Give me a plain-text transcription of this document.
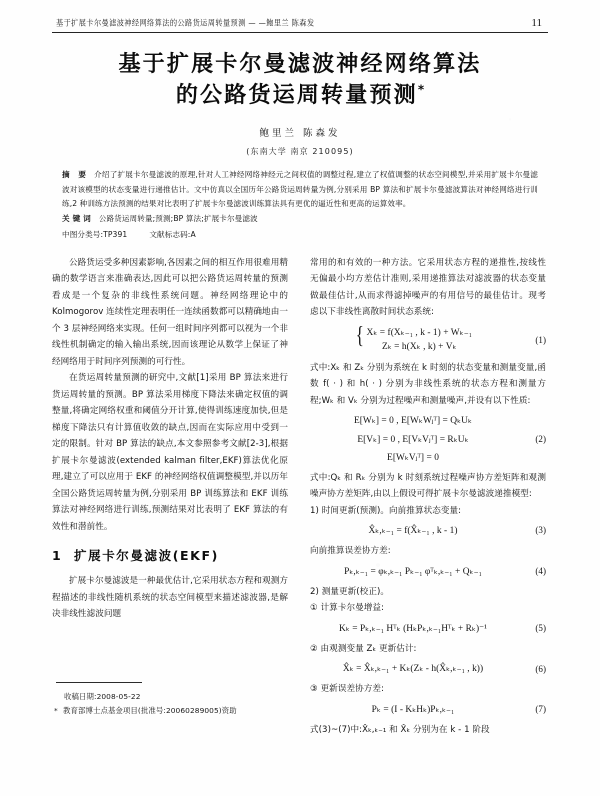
基于扩展卡尔曼滤波神经网络算法的公路货运周转量预测 — —鲍里兰 陈森发	11
基于扩展卡尔曼滤波神经网络算法
的公路货运周转量预测*
鲍里兰 陈森发
(东南大学 南京 210095)

摘 要 介绍了扩展卡尔曼滤波的原理,针对人工神经网络神经元之间权值的调整过程,建立了权值调整的状态空间模型,并采用扩展卡尔曼滤波对该模型的状态变量进行递推估计。文中仿真以全国历年公路货运周转量为例,分别采用 BP 算法和扩展卡尔曼滤波算法对神经网络进行训练,2 种训练方法预测的结果对比表明了扩展卡尔曼滤波训练算法具有更优的逼近性和更高的运算效率。

关键词 公路货运周转量;预测;BP 算法;扩展卡尔曼滤波

中图分类号:TP391	文献标志码:A

公路货运受多种因素影响,各因素之间的相互作用很难用精确的数学语言来准确表达,因此可以把公路货运周转量的预测看成是一个复杂的非线性系统问题。神经网络理论中的 Kolmogorov 连续性定理表明任一连续函数都可以精确地由一个 3 层神经网络来实现。任何一组时间序列都可以视为一个非线性机制确定的输入输出系统,因而该理论从数学上保证了神经网络用于时间序列预测的可行性。

在货运周转量预测的研究中,文献[1]采用 BP 算法来进行货运周转量的预测。BP 算法采用梯度下降法来确定权值的调整量,将确定网络权重和阈值分开计算,使得训练速度加快,但是梯度下降法只有计算值收敛的缺点,因而在实际应用中受到一定的限制。针对 BP 算法的缺点,本文参照参考文献[2-3],根据扩展卡尔曼滤波(extended kalman filter,EKF)算法优化原理,建立了可以应用于 EKF 的神经网络权值调整模型,并以历年全国公路货运周转量为例,分别采用 BP 训练算法和 EKF 训练算法对神经网络进行训练,预测结果对比表明了 EKF 算法的有效性和潜前性。

1 扩展卡尔曼滤波(EKF)

扩展卡尔曼滤波是一种最优估计,它采用状态方程和观测方程描述的非线性随机系统的状态空间模型来描述滤波器,是解决非线性滤波问题

收稿日期:2008-05-22
* 教育部博士点基金项目(批准号:20060289005)资助

常用的和有效的一种方法。它采用状态方程的递推性,按线性无偏最小均方差估计准则,采用递推算法对滤波器的状态变量做最佳估计,从而求得滤掉噪声的有用信号的最佳估计。现考虑以下非线性离散时间状态系统:

{ Xₖ = f(Xₖ₋₁ , k - 1) + Wₖ₋₁
Zₖ = h(Xₖ , k) + Vₖ
(1)

式中:Xₖ 和 Zₖ 分别为系统在 k 时刻的状态变量和测量变量,函数 f( · ) 和 h( · ) 分别为非线性系统的状态方程和测量方程;Wₖ 和 Vₖ 分别为过程噪声和测量噪声,并设有以下性质:

E[Wₖ] = 0 , E[WₖWⱼᵀ] = QₖUₖ
E[Vₖ] = 0 , E[VₖVⱼᵀ] = RₖUₖ
E[WₖVⱼᵀ] = 0
(2)

式中:Qₖ 和 Rₖ 分别为 k 时刻系统过程噪声协方差矩阵和观测噪声协方差矩阵,由以上假设可得扩展卡尔曼滤波递推模型:

1) 时间更新(预测)。向前推算状态变量:

X̂ₖ,ₖ₋₁ = f(X̂ₖ₋₁ , k - 1)	(3)

向前推算误差协方差:

Pₖ,ₖ₋₁ = φₖ,ₖ₋₁ Pₖ₋₁ φᵀₖ,ₖ₋₁ + Qₖ₋₁	(4)

2) 测量更新(校正)。

① 计算卡尔曼增益:

Kₖ = Pₖ,ₖ₋₁ Hᵀₖ (HₖPₖ,ₖ₋₁Hᵀₖ + Rₖ)⁻¹	(5)

② 由观测变量 Zₖ 更新估计:

X̂ₖ = X̂ₖ,ₖ₋₁ + Kₖ(Zₖ - h(X̂ₖ,ₖ₋₁ , k))	(6)

③ 更新误差协方差:

Pₖ = (I - KₖHₖ)Pₖ,ₖ₋₁	(7)

式(3)~(7)中:X̂ₖ,ₖ₋₁ 和 X̂ₖ 分别为在 k - 1 阶段
